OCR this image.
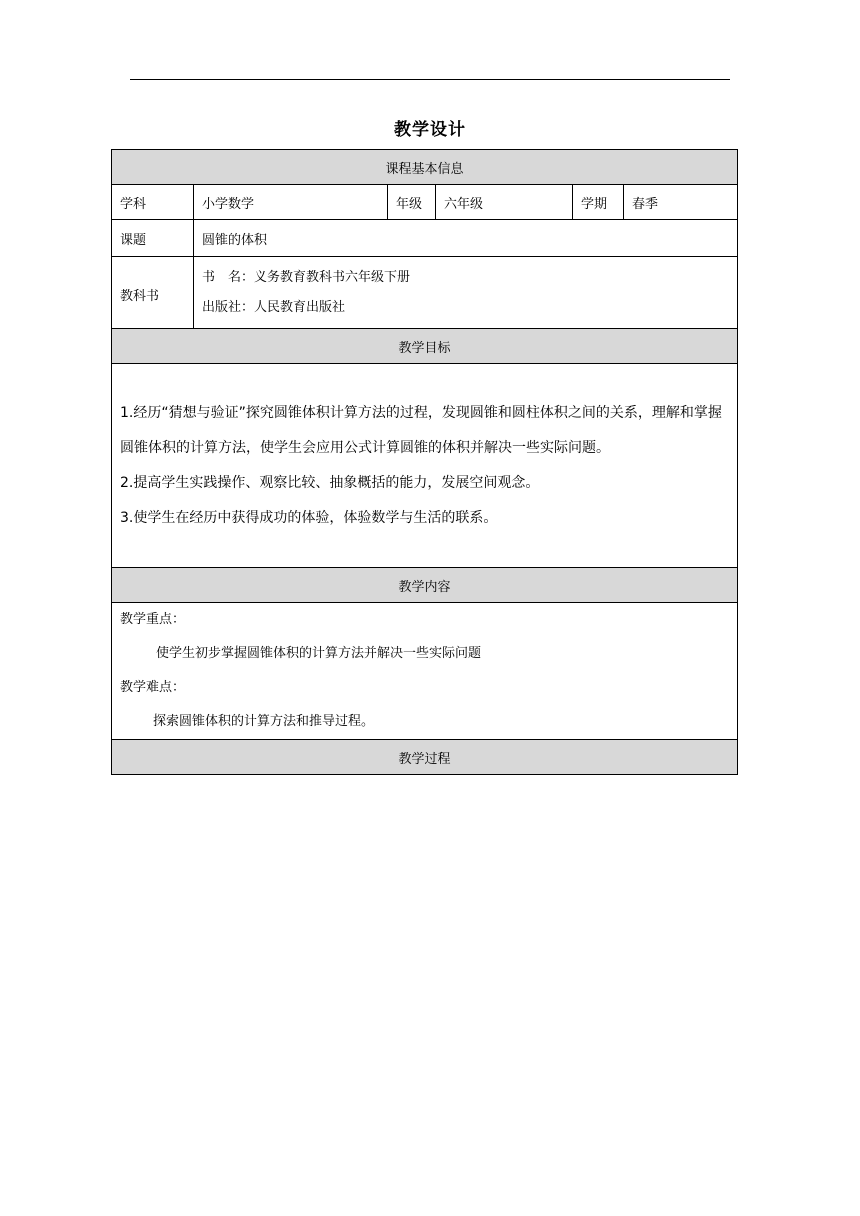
教学设计
课程基本信息					
学科	小学数学	年级	六年级	学期	春季
课题	圆锥的体积				
教科书	书　名：义务教育教科书六年级下册
出版社：人民教育出版社				

教学目标					

1.经历“猜想与验证”探究圆锥体积计算方法的过程，发现圆锥和圆柱体积之间的关系，理解和掌握圆锥体积的计算方法，使学生会应用公式计算圆锥的体积并解决一些实际问题。

2.提高学生实践操作、观察比较、抽象概括的能力，发展空间观念。

3.使学生在经历中获得成功的体验，体验数学与生活的联系。					

教学内容					

教学重点：

使学生初步掌握圆锥体积的计算方法并解决一些实际问题

教学难点：

探索圆锥体积的计算方法和推导过程。					

教学过程					
